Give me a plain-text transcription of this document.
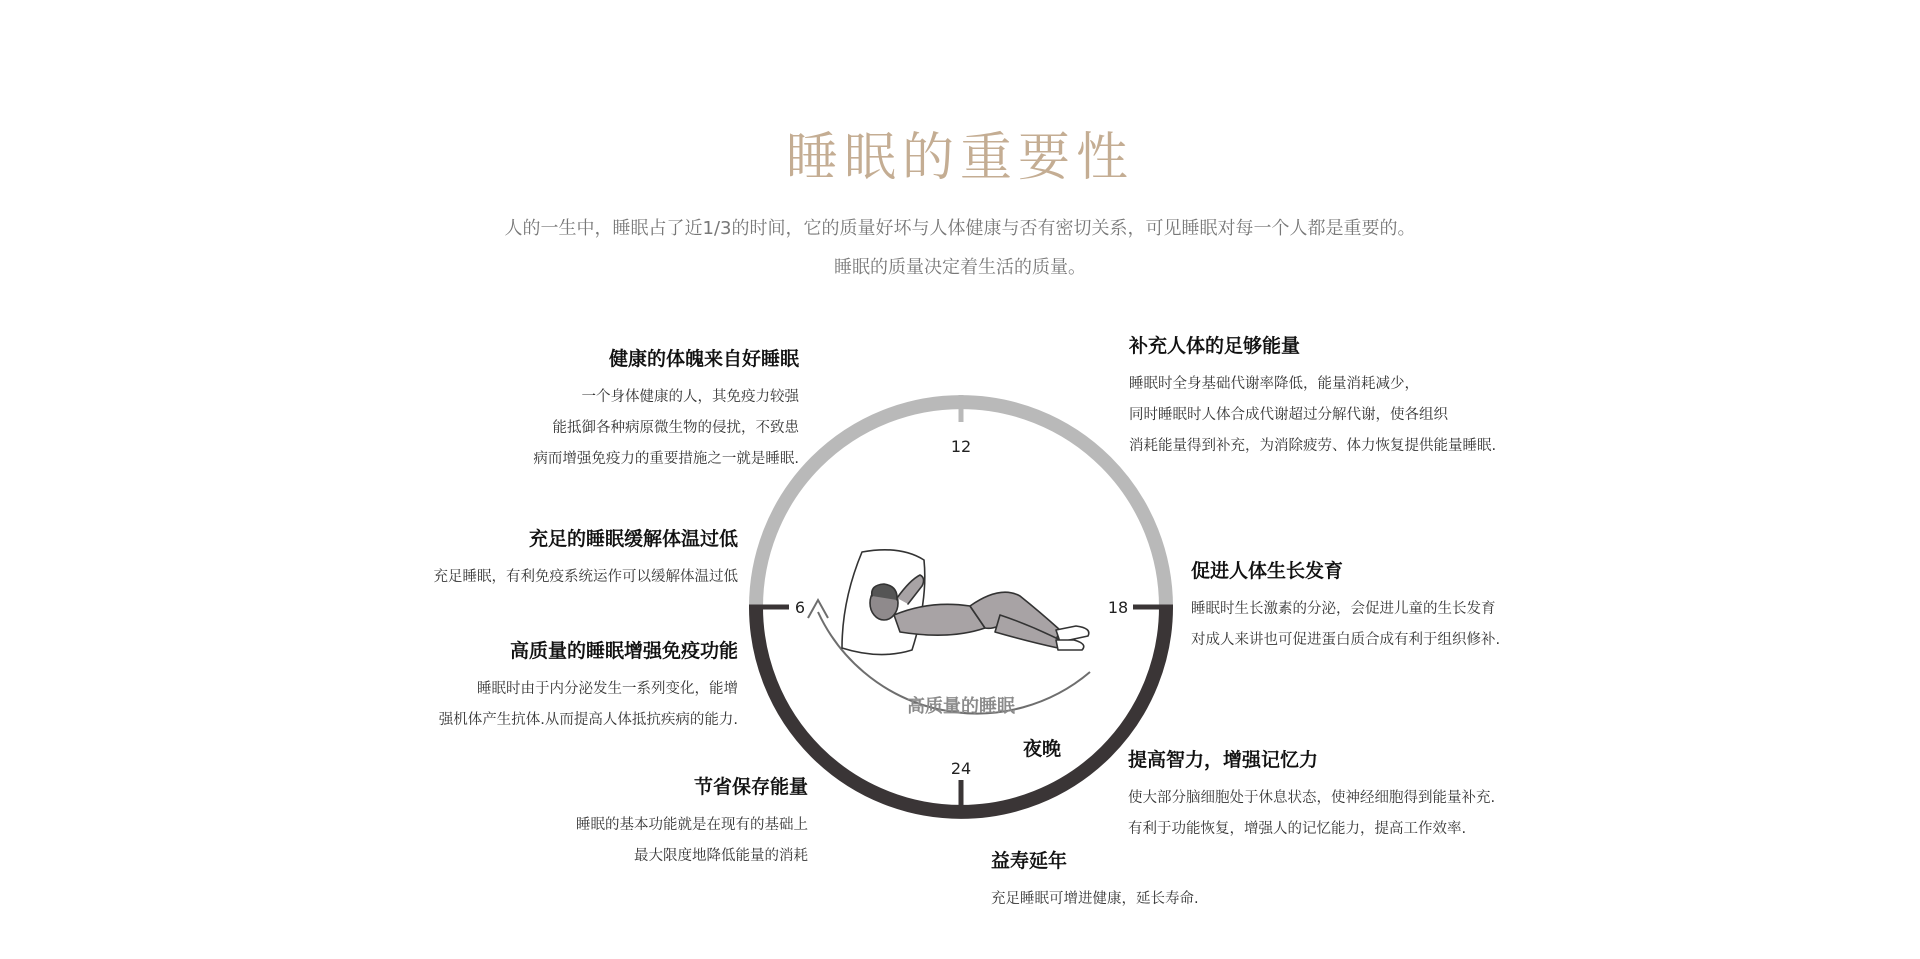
睡眠的重要性
人的一生中，睡眠占了近1/3的时间，它的质量好坏与人体健康与否有密切关系，可见睡眠对每一个人都是重要的。
睡眠的质量决定着生活的质量。
12
6	18
24
高质量的睡眠
夜晚
健康的体魄来自好睡眠

一个身体健康的人，其免疫力较强

能抵御各种病原微生物的侵扰，不致患

病而增强免疫力的重要措施之一就是睡眠.

充足的睡眠缓解体温过低

充足睡眠，有利免疫系统运作可以缓解体温过低

高质量的睡眠增强免疫功能

睡眠时由于内分泌发生一系列变化，能增

强机体产生抗体.从而提高人体抵抗疾病的能力.

节省保存能量

睡眠的基本功能就是在现有的基础上

最大限度地降低能量的消耗

补充人体的足够能量

睡眠时全身基础代谢率降低，能量消耗减少，

同时睡眠时人体合成代谢超过分解代谢，使各组织

消耗能量得到补充，为消除疲劳、体力恢复提供能量睡眠.

促进人体生长发育

睡眠时生长激素的分泌，会促进儿童的生长发育

对成人来讲也可促进蛋白质合成有利于组织修补.

提高智力，增强记忆力

使大部分脑细胞处于休息状态，使神经细胞得到能量补充.

有利于功能恢复，增强人的记忆能力，提高工作效率.

益寿延年

充足睡眠可增进健康，延长寿命.
